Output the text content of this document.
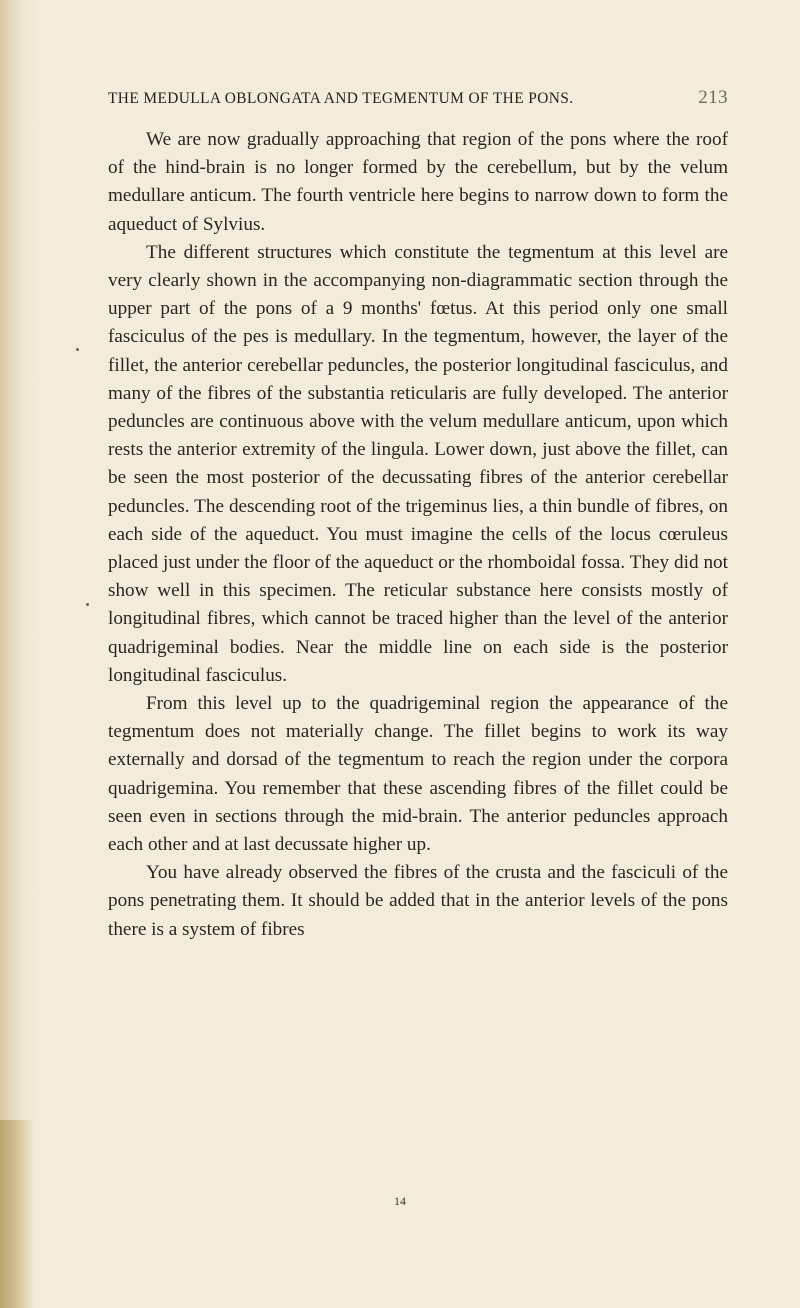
THE MEDULLA OBLONGATA AND TEGMENTUM OF THE PONS.	213

We are now gradually approaching that region of the pons where the roof of the hind-brain is no longer formed by the cerebellum, but by the velum medullare anticum. The fourth ventricle here begins to narrow down to form the aqueduct of Sylvius.

The different structures which constitute the tegmentum at this level are very clearly shown in the accompanying non-diagrammatic section through the upper part of the pons of a 9 months' fœtus. At this period only one small fasciculus of the pes is medullary. In the tegmentum, however, the layer of the fillet, the anterior cerebellar peduncles, the posterior longitudinal fasciculus, and many of the fibres of the substantia reticularis are fully developed. The anterior peduncles are continuous above with the velum medullare anticum, upon which rests the anterior extremity of the lingula. Lower down, just above the fillet, can be seen the most posterior of the decussating fibres of the anterior cerebellar peduncles. The descending root of the trigeminus lies, a thin bundle of fibres, on each side of the aqueduct. You must imagine the cells of the locus cœruleus placed just under the floor of the aqueduct or the rhomboidal fossa. They did not show well in this specimen. The reticular substance here consists mostly of longitudinal fibres, which cannot be traced higher than the level of the anterior quadrigeminal bodies. Near the middle line on each side is the posterior longitudinal fasciculus.

From this level up to the quadrigeminal region the appearance of the tegmentum does not materially change. The fillet begins to work its way externally and dorsad of the tegmentum to reach the region under the corpora quadrigemina. You remember that these ascending fibres of the fillet could be seen even in sections through the mid-brain. The anterior peduncles approach each other and at last decussate higher up.

You have already observed the fibres of the crusta and the fasciculi of the pons penetrating them. It should be added that in the anterior levels of the pons there is a system of fibres

14
